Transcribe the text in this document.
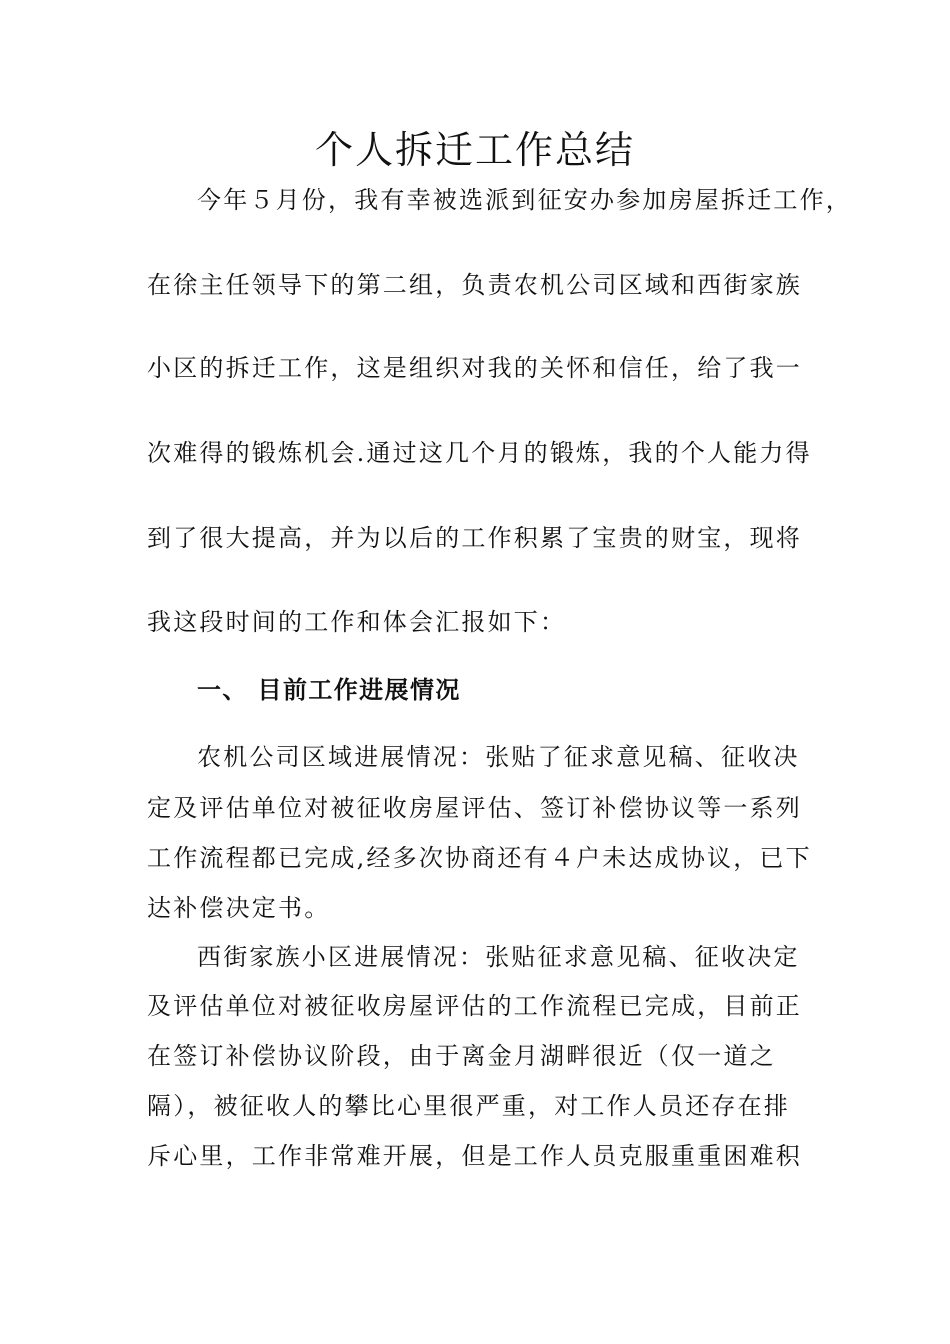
个人拆迁工作总结

今年５月份，我有幸被选派到征安办参加房屋拆迁工作，

在徐主任领导下的第二组，负责农机公司区域和西街家族

小区的拆迁工作，这是组织对我的关怀和信任，给了我一

次难得的锻炼机会.通过这几个月的锻炼，我的个人能力得

到了很大提高，并为以后的工作积累了宝贵的财宝，现将

我这段时间的工作和体会汇报如下：

一、 目前工作进展情况

农机公司区域进展情况：张贴了征求意见稿、征收决

定及评估单位对被征收房屋评估、签订补偿协议等一系列

工作流程都已完成,经多次协商还有４户未达成协议，已下

达补偿决定书。

西街家族小区进展情况：张贴征求意见稿、征收决定

及评估单位对被征收房屋评估的工作流程已完成，目前正

在签订补偿协议阶段，由于离金月湖畔很近（仅一道之

隔），被征收人的攀比心里很严重，对工作人员还存在排

斥心里，工作非常难开展，但是工作人员克服重重困难积
